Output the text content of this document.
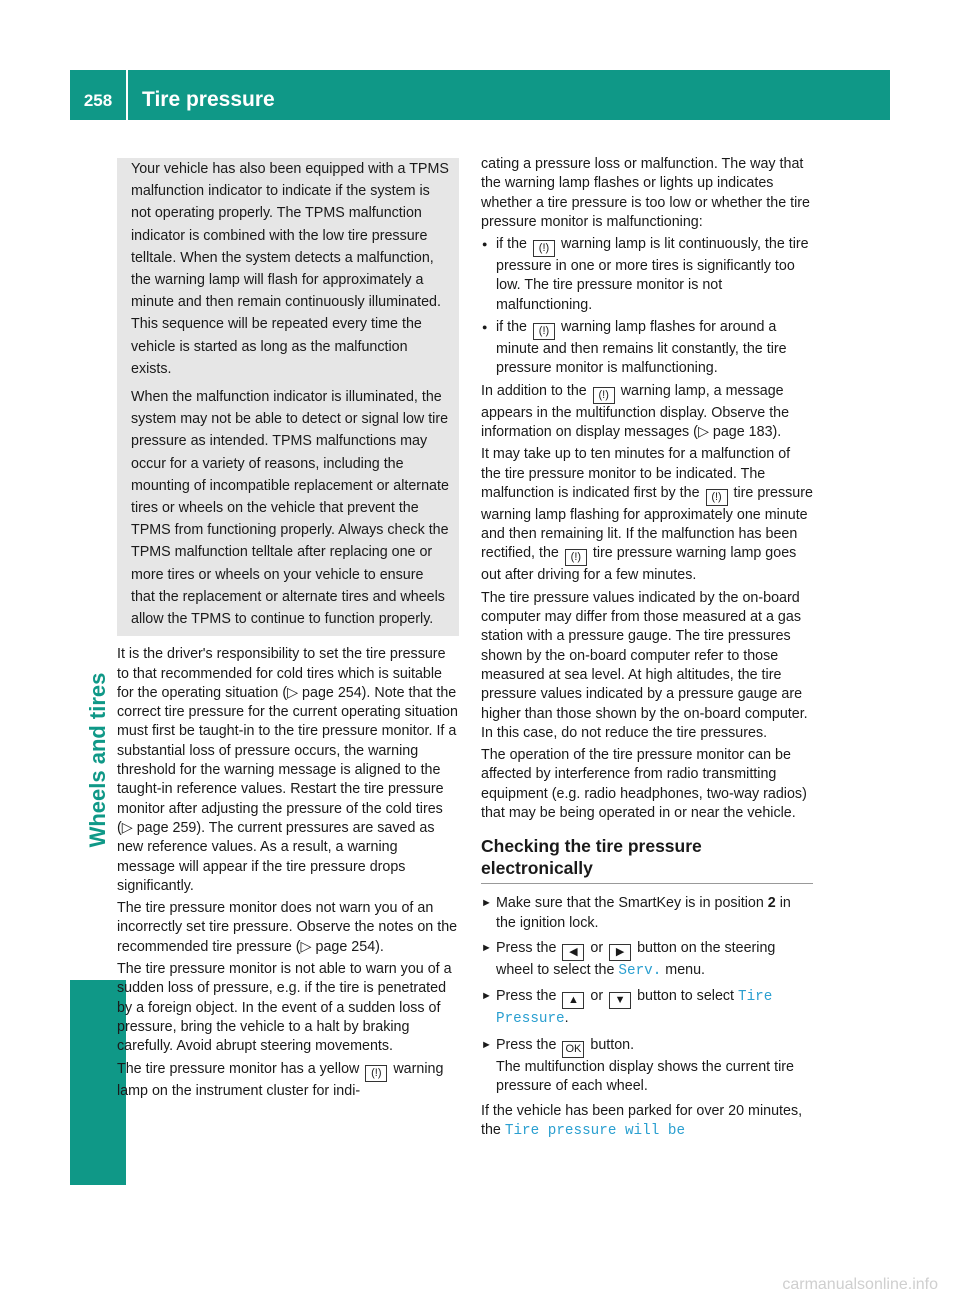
258	Tire pressure
Wheels and tires

Your vehicle has also been equipped with a TPMS malfunction indicator to indicate if the system is not operating properly. The TPMS malfunction indicator is combined with the low tire pressure telltale. When the system detects a malfunction, the warning lamp will flash for approximately a minute and then remain continuously illuminated. This sequence will be repeated every time the vehicle is started as long as the malfunction exists.

When the malfunction indicator is illuminated, the system may not be able to detect or signal low tire pressure as intended. TPMS malfunctions may occur for a variety of reasons, including the mounting of incompatible replacement or alternate tires or wheels on the vehicle that prevent the TPMS from functioning properly. Always check the TPMS malfunction telltale after replacing one or more tires or wheels on your vehicle to ensure that the replacement or alternate tires and wheels allow the TPMS to continue to function properly.

It is the driver's responsibility to set the tire pressure to that recommended for cold tires which is suitable for the operating situation (▷ page 254). Note that the correct tire pressure for the current operating situation must first be taught-in to the tire pressure monitor. If a substantial loss of pressure occurs, the warning threshold for the warning message is aligned to the taught-in reference values. Restart the tire pressure monitor after adjusting the pressure of the cold tires (▷ page 259). The current pressures are saved as new reference values. As a result, a warning message will appear if the tire pressure drops significantly.

The tire pressure monitor does not warn you of an incorrectly set tire pressure. Observe the notes on the recommended tire pressure (▷ page 254).

The tire pressure monitor is not able to warn you of a sudden loss of pressure, e.g. if the tire is penetrated by a foreign object. In the event of a sudden loss of pressure, bring the vehicle to a halt by braking carefully. Avoid abrupt steering movements.

The tire pressure monitor has a yellow (!) warning lamp on the instrument cluster for indi-

cating a pressure loss or malfunction. The way that the warning lamp flashes or lights up indicates whether a tire pressure is too low or whether the tire pressure monitor is malfunctioning:

● if the (!) warning lamp is lit continuously, the tire pressure in one or more tires is significantly too low. The tire pressure monitor is not malfunctioning.
● if the (!) warning lamp flashes for around a minute and then remains lit constantly, the tire pressure monitor is malfunctioning.

In addition to the (!) warning lamp, a message appears in the multifunction display. Observe the information on display messages (▷ page 183).

It may take up to ten minutes for a malfunction of the tire pressure monitor to be indicated. The malfunction is indicated first by the (!) tire pressure warning lamp flashing for approximately one minute and then remaining lit. If the malfunction has been rectified, the (!) tire pressure warning lamp goes out after driving for a few minutes.

The tire pressure values indicated by the on-board computer may differ from those measured at a gas station with a pressure gauge. The tire pressures shown by the on-board computer refer to those measured at sea level. At high altitudes, the tire pressure values indicated by a pressure gauge are higher than those shown by the on-board computer. In this case, do not reduce the tire pressures.

The operation of the tire pressure monitor can be affected by interference from radio transmitting equipment (e.g. radio headphones, two-way radios) that may be being operated in or near the vehicle.

Checking the tire pressure electronically
► Make sure that the SmartKey is in position 2 in the ignition lock.
► Press the ◀ or ▶ button on the steering wheel to select the Serv. menu.
► Press the ▲ or ▼ button to select Tire Pressure.
► Press the OK button.
The multifunction display shows the current tire pressure of each wheel.

If the vehicle has been parked for over 20 minutes, the Tire pressure will be

carmanualsonline.info
